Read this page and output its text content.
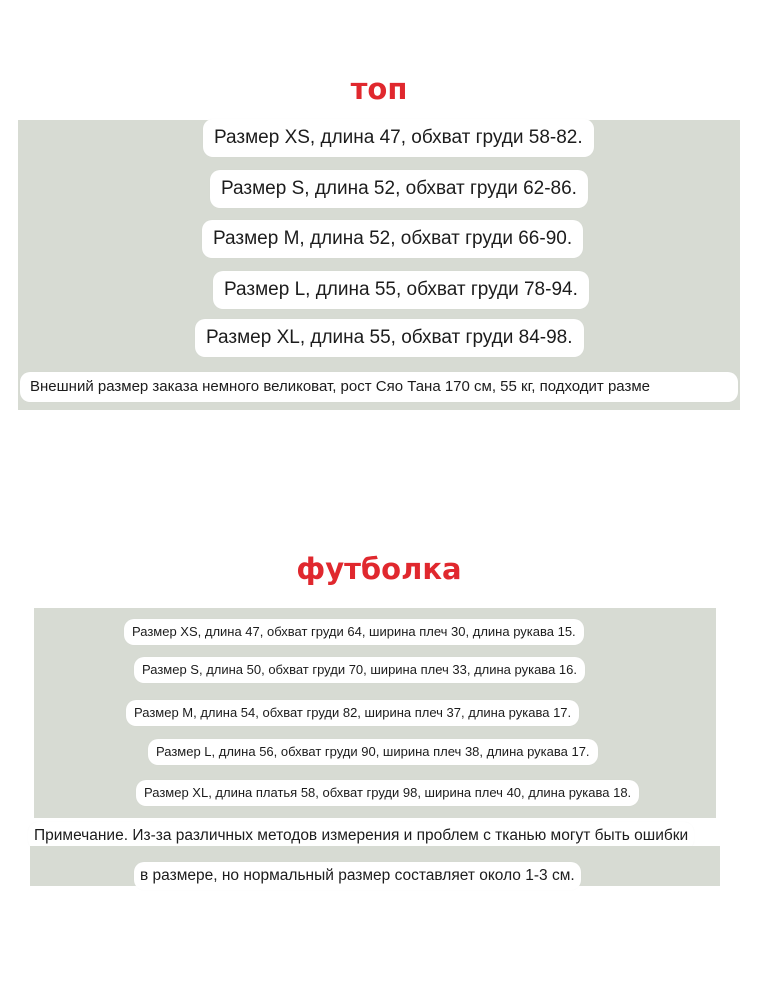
топ
Размер XS, длина 47, обхват груди 58-82.
Размер S, длина 52, обхват груди 62-86.
Размер M, длина 52, обхват груди 66-90.
Размер L, длина 55, обхват груди 78-94.
Размер XL, длина 55, обхват груди 84-98.
Внешний размер заказа немного великоват, рост Сяо Тана 170 см, 55 кг, подходит разме
футболка
Размер XS, длина 47, обхват груди 64, ширина плеч 30, длина рукава 15.
Размер S, длина 50, обхват груди 70, ширина плеч 33, длина рукава 16.
Размер M, длина 54, обхват груди 82, ширина плеч 37, длина рукава 17.
Размер L, длина 56, обхват груди 90, ширина плеч 38, длина рукава 17.
Размер XL, длина платья 58, обхват груди 98, ширина плеч 40, длина рукава 18.
Примечание. Из-за различных методов измерения и проблем с тканью могут быть ошибки
в размере, но нормальный размер составляет около 1-3 см.
